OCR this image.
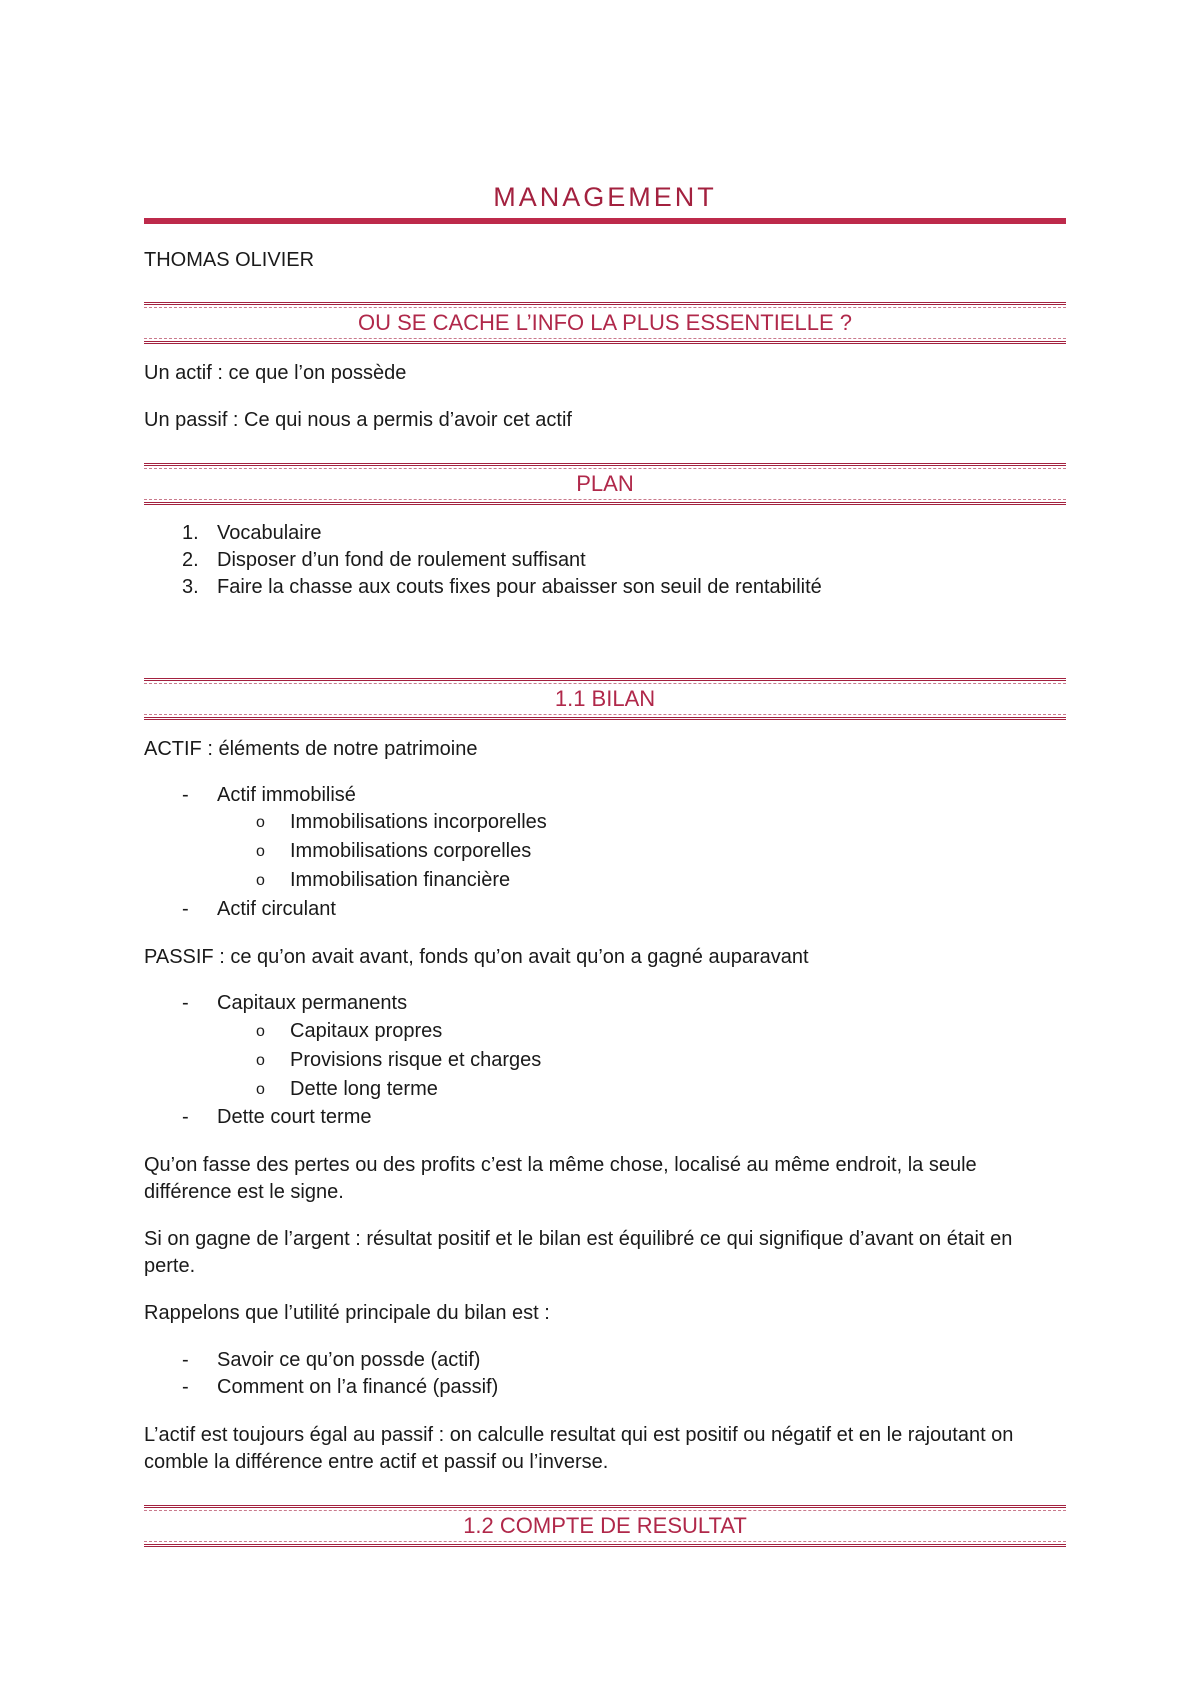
MANAGEMENT
THOMAS OLIVIER
OU SE CACHE L’INFO LA PLUS ESSENTIELLE ?
Un actif : ce que l’on possède
Un passif : Ce qui nous a permis d’avoir cet actif
PLAN
1. Vocabulaire
2. Disposer d’un fond de roulement suffisant
3. Faire la chasse aux couts fixes pour abaisser son seuil de rentabilité
1.1 BILAN
ACTIF : éléments de notre patrimoine
- Actif immobilisé
o Immobilisations incorporelles
o Immobilisations corporelles
o Immobilisation financière
- Actif circulant
PASSIF : ce qu’on avait avant, fonds qu’on avait qu’on a gagné auparavant
- Capitaux permanents
o Capitaux propres
o Provisions risque et charges
o Dette long terme
- Dette court terme
Qu’on fasse des pertes ou des profits c’est la même chose, localisé au même endroit, la seule différence est le signe.
Si on gagne de l’argent : résultat positif et le bilan est équilibré ce qui signifique d’avant on était en perte.
Rappelons que l’utilité principale du bilan est :
- Savoir ce qu’on possde (actif)
- Comment on l’a financé (passif)
L’actif est toujours égal au passif : on calculle resultat qui est positif ou négatif et en le rajoutant on comble la différence entre actif et passif ou l’inverse.
1.2 COMPTE DE RESULTAT
